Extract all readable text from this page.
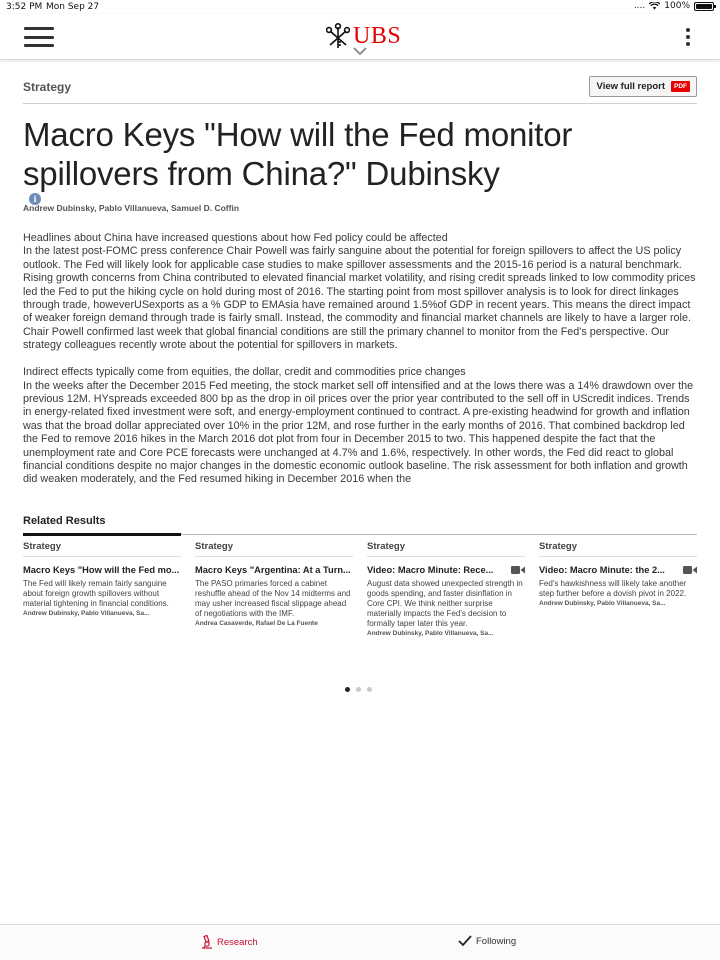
3:52 PM Mon Sep 27	.... 100%
UBS
Strategy	View full report	PDF
Macro Keys "How will the Fed monitor spillovers from China?" Dubinsky
i
Andrew Dubinsky, Pablo Villanueva, Samuel D. Coffin

Headlines about China have increased questions about how Fed policy could be affected
In the latest post-FOMC press conference Chair Powell was fairly sanguine about the potential for foreign spillovers to affect the US policy outlook. The Fed will likely look for applicable case studies to make spillover assessments and the 2015-16 period is a natural benchmark. Rising growth concerns from China contributed to elevated financial market volatility, and rising credit spreads linked to low commodity prices led the Fed to put the hiking cycle on hold during most of 2016. The starting point from most spillover analysis is to look for direct linkages through trade, howeverUSexports as a % GDP to EMAsia have remained around 1.5%of GDP in recent years. This means the direct impact of weaker foreign demand through trade is fairly small. Instead, the commodity and financial market channels are likely to have a larger role. Chair Powell confirmed last week that global financial conditions are still the primary channel to monitor from the Fed's perspective. Our strategy colleagues recently wrote about the potential for spillovers in markets.

Indirect effects typically come from equities, the dollar, credit and commodities price changes
In the weeks after the December 2015 Fed meeting, the stock market sell off intensified and at the lows there was a 14% drawdown over the previous 12M. HYspreads exceeded 800 bp as the drop in oil prices over the prior year contributed to the sell off in UScredit indices. Trends in energy-related fixed investment were soft, and energy-employment continued to contract. A pre-existing headwind for growth and inflation was that the broad dollar appreciated over 10% in the prior 12M, and rose further in the early months of 2016. That combined backdrop led the Fed to remove 2016 hikes in the March 2016 dot plot from four in December 2015 to two. This happened despite the fact that the unemployment rate and Core PCE forecasts were unchanged at 4.7% and 1.6%, respectively. In other words, the Fed did react to global financial conditions despite no major changes in the domestic economic outlook baseline. The risk assessment for both inflation and growth did weaken moderately, and the Fed resumed hiking in December 2016 when the

Related Results
Strategy
Macro Keys "How will the Fed mo...
The Fed will likely remain fairly sanguine about foreign growth spillovers without material tightening in financial conditions.
Andrew Dubinsky, Pablo Villanueva, Sa...
Strategy
Macro Keys "Argentina: At a Turn...
The PASO primaries forced a cabinet reshuffle ahead of the Nov 14 midterms and may usher increased fiscal slippage ahead of negotiations with the IMF.
Andrea Casaverde, Rafael De La Fuente
Strategy
Video: Macro Minute: Rece...
August data showed unexpected strength in goods spending, and faster disinflation in Core CPI. We think neither surprise materially impacts the Fed's decision to formally taper later this year.
Andrew Dubinsky, Pablo Villanueva, Sa...
Strategy
Video: Macro Minute: the 2...
Fed's hawkishness will likely take another step further before a dovish pivot in 2022.
Andrew Dubinsky, Pablo Villanueva, Sa...
Research	Following
